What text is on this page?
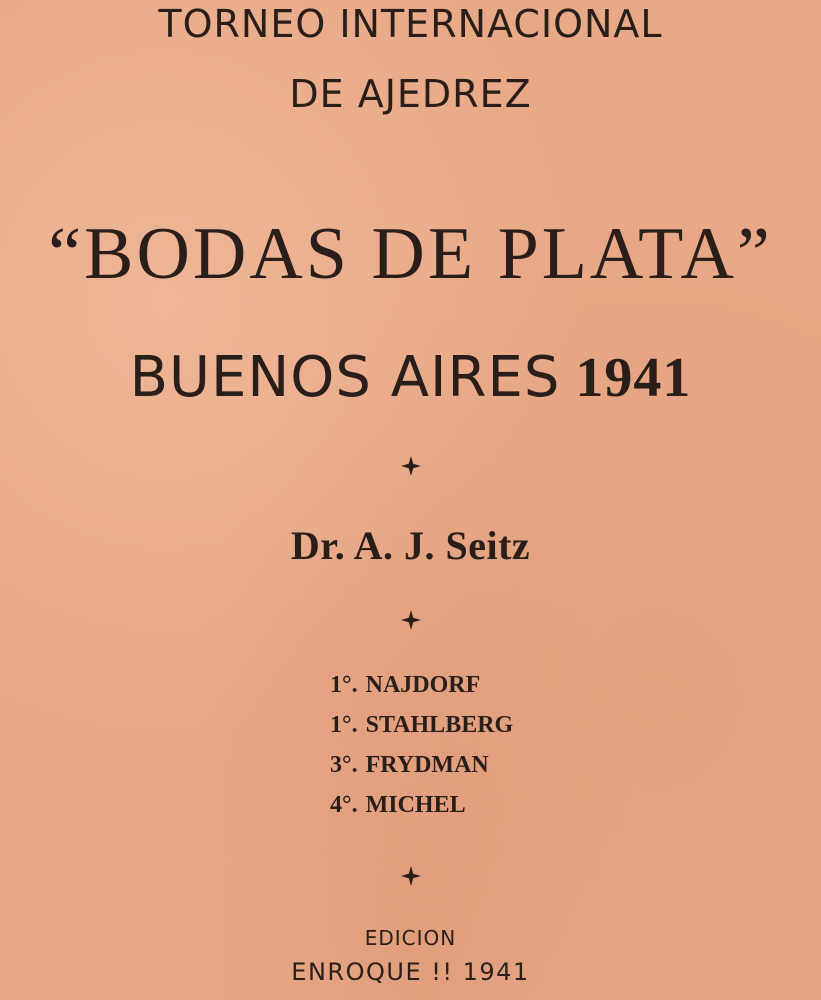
TORNEO INTERNACIONAL
DE AJEDREZ
“BODAS DE PLATA”
BUENOS AIRES 1941
Dr. A. J. Seitz
1°. NAJDORF
1°. STAHLBERG
3°. FRYDMAN
4°. MICHEL
EDICION
ENROQUE !! 1941
